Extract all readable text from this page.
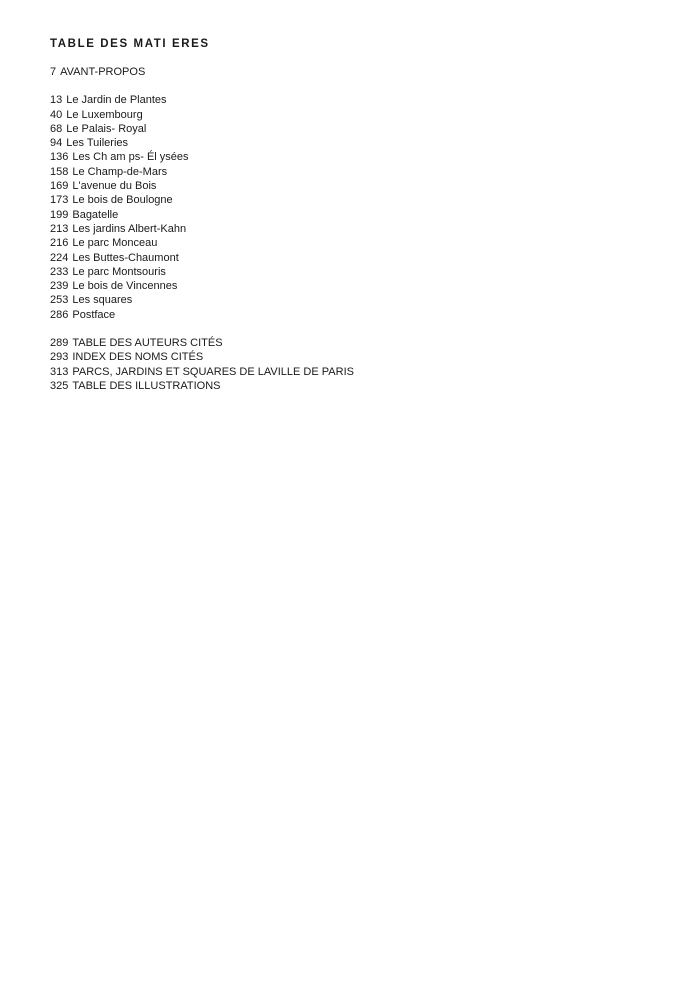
TABLE DES MATI ERES
7 AVANT-PROPOS
13 Le Jardin de Plantes
40 Le Luxembourg
68 Le Palais- Royal
94 Les Tuileries
136 Les Ch am ps- Él ysées
158 Le Champ-de-Mars
169 L'avenue du Bois
173 Le bois de Boulogne
199 Bagatelle
213 Les jardins Albert-Kahn
216 Le parc Monceau
224 Les Buttes-Chaumont
233 Le parc Montsouris
239 Le bois de Vincennes
253 Les squares
286 Postface
289 TABLE DES AUTEURS CITÉS
293 INDEX DES NOMS CITÉS
313 PARCS, JARDINS ET SQUARES DE LAVILLE DE PARIS
325 TABLE DES ILLUSTRATIONS
